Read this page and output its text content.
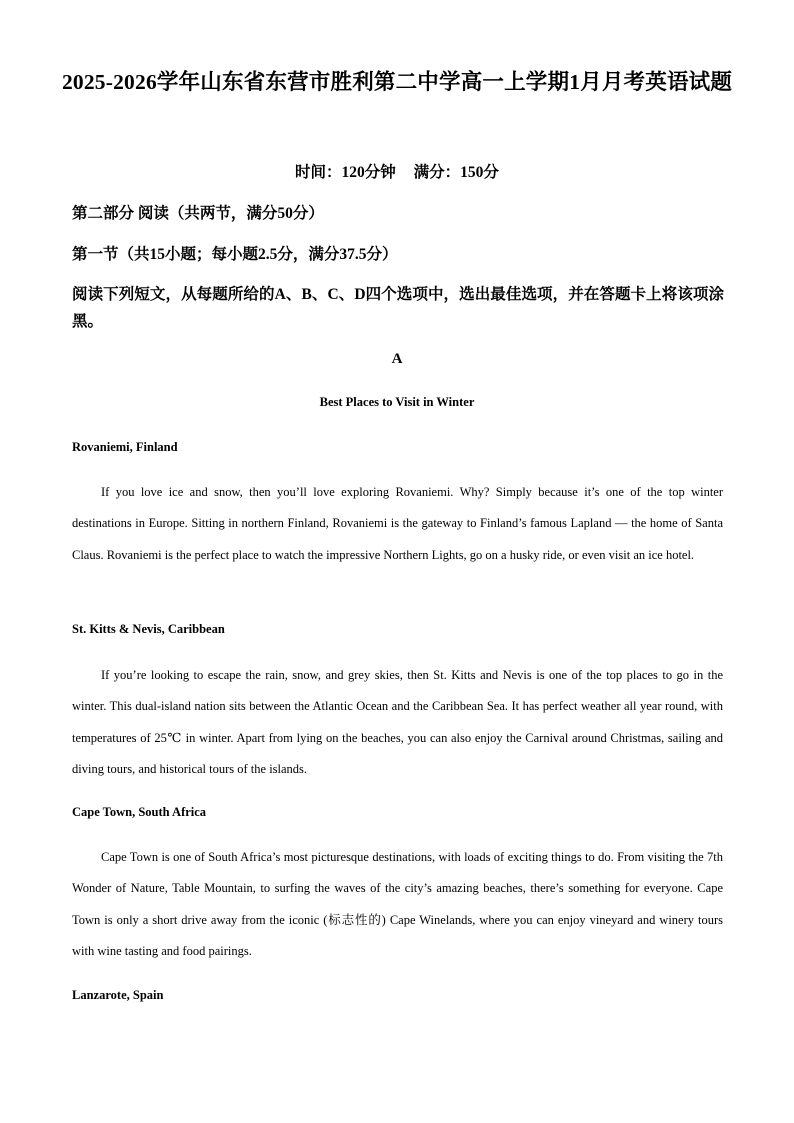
2025-2026学年山东省东营市胜利第二中学高一上学期1月月考英语试题
时间：120分钟 满分：150分
第二部分 阅读（共两节，满分50分）
第一节（共15小题；每小题2.5分，满分37.5分）
阅读下列短文，从每题所给的A、B、C、D四个选项中，选出最佳选项，并在答题卡上将该项涂黑。
A
Best Places to Visit in Winter
Rovaniemi, Finland
If you love ice and snow, then you’ll love exploring Rovaniemi. Why? Simply because it’s one of the top winter destinations in Europe. Sitting in northern Finland, Rovaniemi is the gateway to Finland’s famous Lapland — the home of Santa Claus. Rovaniemi is the perfect place to watch the impressive Northern Lights, go on a husky ride, or even visit an ice hotel.
St. Kitts & Nevis, Caribbean
If you’re looking to escape the rain, snow, and grey skies, then St. Kitts and Nevis is one of the top places to go in the winter. This dual-island nation sits between the Atlantic Ocean and the Caribbean Sea. It has perfect weather all year round, with temperatures of 25℃ in winter. Apart from lying on the beaches, you can also enjoy the Carnival around Christmas, sailing and diving tours, and historical tours of the islands.
Cape Town, South Africa
Cape Town is one of South Africa’s most picturesque destinations, with loads of exciting things to do. From visiting the 7th Wonder of Nature, Table Mountain, to surfing the waves of the city’s amazing beaches, there’s something for everyone. Cape Town is only a short drive away from the iconic (标志性的) Cape Winelands, where you can enjoy vineyard and winery tours with wine tasting and food pairings.
Lanzarote, Spain
